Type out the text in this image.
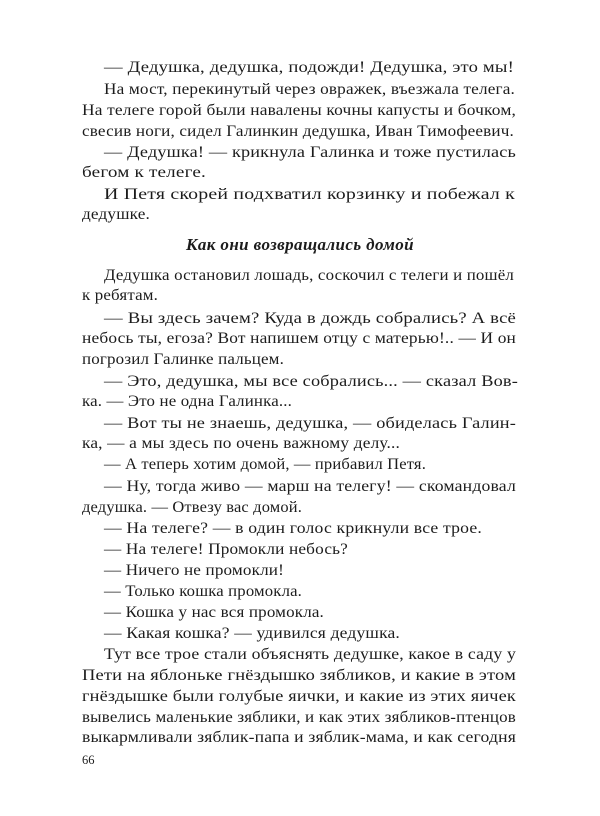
— Дедушка, дедушка, подожди! Дедушка, это мы!
На мост, перекинутый через овражек, въезжала телега.
На телеге горой были навалены кочны капусты и бочком,
свесив ноги, сидел Галинкин дедушка, Иван Тимофеевич.
— Дедушка! — крикнула Галинка и тоже пустилась
бегом к телеге.
И Петя скорей подхватил корзинку и побежал к
дедушке.
Как они возвращались домой
Дедушка остановил лошадь, соскочил с телеги и пошёл
к ребятам.
— Вы здесь зачем? Куда в дождь собрались? А всё
небось ты, егоза? Вот напишем отцу с матерью!.. — И он
погрозил Галинке пальцем.
— Это, дедушка, мы все собрались... — сказал Вов-
ка. — Это не одна Галинка...
— Вот ты не знаешь, дедушка, — обиделась Галин-
ка, — а мы здесь по очень важному делу...
— А теперь хотим домой, — прибавил Петя.
— Ну, тогда живо — марш на телегу! — скомандовал
дедушка. — Отвезу вас домой.
— На телеге? — в один голос крикнули все трое.
— На телеге! Промокли небось?
— Ничего не промокли!
— Только кошка промокла.
— Кошка у нас вся промокла.
— Какая кошка? — удивился дедушка.
Тут все трое стали объяснять дедушке, какое в саду у
Пети на яблоньке гнёздышко зябликов, и какие в этом
гнёздышке были голубые яички, и какие из этих яичек
вывелись маленькие зяблики, и как этих зябликов-птенцов
выкармливали зяблик-папа и зяблик-мама, и как сегодня
66
